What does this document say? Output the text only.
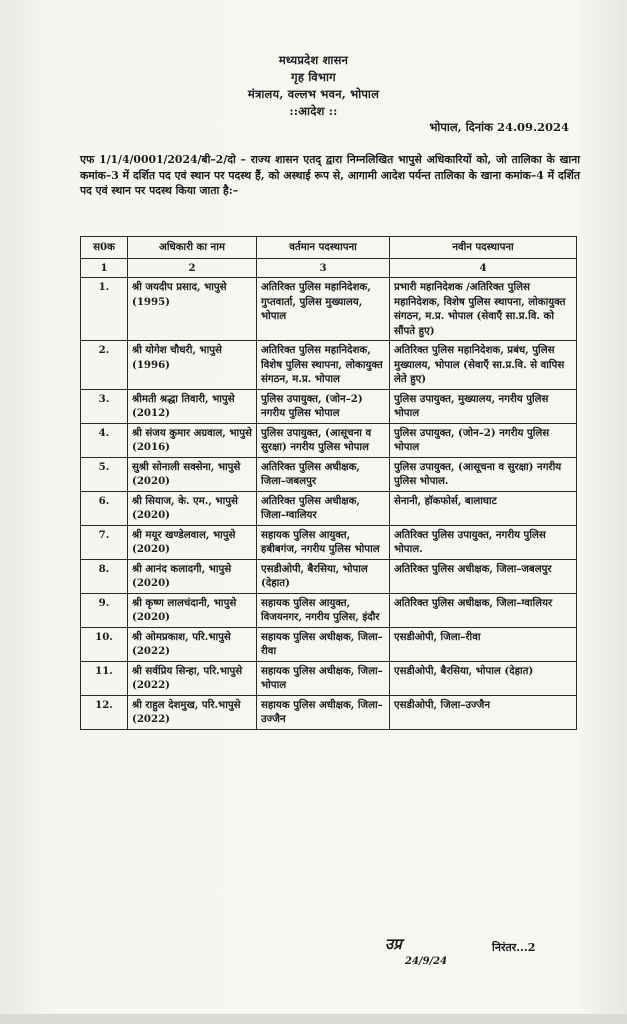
मध्यप्रदेश शासन
गृह विभाग
मंत्रालय, वल्लभ भवन, भोपाल
::आदेश ::
भोपाल, दिनांक 24.09.2024
एफ 1/1/4/0001/2024/बी–2/दो – राज्य शासन एतद् द्वारा निम्नलिखित भापुसे अधिकारियों को, जो तालिका के खाना कमांक–3 में दर्शित पद एवं स्थान पर पदस्थ हैं, को अस्थाई रूप से, आगामी आदेश पर्यन्त तालिका के खाना कमांक–4 में दर्शित पद एवं स्थान पर पदस्थ किया जाता है:–
स0क	अधिकारी का नाम	वर्तमान पदस्थापना	नवीन पदस्थापना
1	2	3	4
1.	श्री जयदीप प्रसाद, भापुसे (1995)	अतिरिक्त पुलिस महानिदेशक, गुप्तवार्ता, पुलिस मुख्यालय, भोपाल	प्रभारी महानिदेशक /अतिरिक्त पुलिस महानिदेशक, विशेष पुलिस स्थापना, लोकायुक्त संगठन, म.प्र. भोपाल (सेवाएँ सा.प्र.वि. को सौंपते हुए)
2.	श्री योगेश चौधरी, भापुसे (1996)	अतिरिक्त पुलिस महानिदेशक, विशेष पुलिस स्थापना, लोकायुक्त संगठन, म.प्र. भोपाल	अतिरिक्त पुलिस महानिदेशक, प्रबंध, पुलिस मुख्यालय, भोपाल (सेवाएँ सा.प्र.वि. से वापिस लेते हुए)
3.	श्रीमती श्रद्धा तिवारी, भापुसे (2012)	पुलिस उपायुक्त, (जोन–2) नगरीय पुलिस भोपाल	पुलिस उपायुक्त, मुख्यालय, नगरीय पुलिस भोपाल
4.	श्री संजय कुमार अग्रवाल, भापुसे (2016)	पुलिस उपायुक्त, (आसूचना व सुरक्षा) नगरीय पुलिस भोपाल	पुलिस उपायुक्त, (जोन–2) नगरीय पुलिस भोपाल
5.	सुश्री सोनाली सक्सेना, भापुसे (2020)	अतिरिक्त पुलिस अधीक्षक, जिला–जबलपुर	पुलिस उपायुक्त, (आसूचना व सुरक्षा) नगरीय पुलिस भोपाल.
6.	श्री सियाज, के. एम., भापुसे (2020)	अतिरिक्त पुलिस अधीक्षक, जिला–ग्वालियर	सेनानी, हॉकफोर्स, बालाघाट
7.	श्री मयूर खण्डेलवाल, भापुसे (2020)	सहायक पुलिस आयुक्त, हबीबगंज, नगरीय पुलिस भोपाल	अतिरिक्त पुलिस उपायुक्त, नगरीय पुलिस भोपाल.
8.	श्री आनंद कलादगी, भापुसे (2020)	एसडीओपी, बैरसिया, भोपाल (देहात)	अतिरिक्त पुलिस अधीक्षक, जिला–जबलपुर
9.	श्री कृष्ण लालचंदानी, भापुसे (2020)	सहायक पुलिस आयुक्त, विजयनगर, नगरीय पुलिस, इंदौर	अतिरिक्त पुलिस अधीक्षक, जिला–ग्वालियर
10.	श्री ओमप्रकाश, परि.भापुसे (2022)	सहायक पुलिस अधीक्षक, जिला–रीवा	एसडीओपी, जिला–रीवा
11.	श्री सर्वप्रिय सिन्हा, परि.भापुसे (2022)	सहायक पुलिस अधीक्षक, जिला–भोपाल	एसडीओपी, बैरसिया, भोपाल (देहात)
12.	श्री राहुल देशमुख, परि.भापुसे (2022)	सहायक पुलिस अधीक्षक, जिला–उज्जैन	एसडीओपी, जिला–उज्जैन
उप्र
24/9/24
निरंतर...2
